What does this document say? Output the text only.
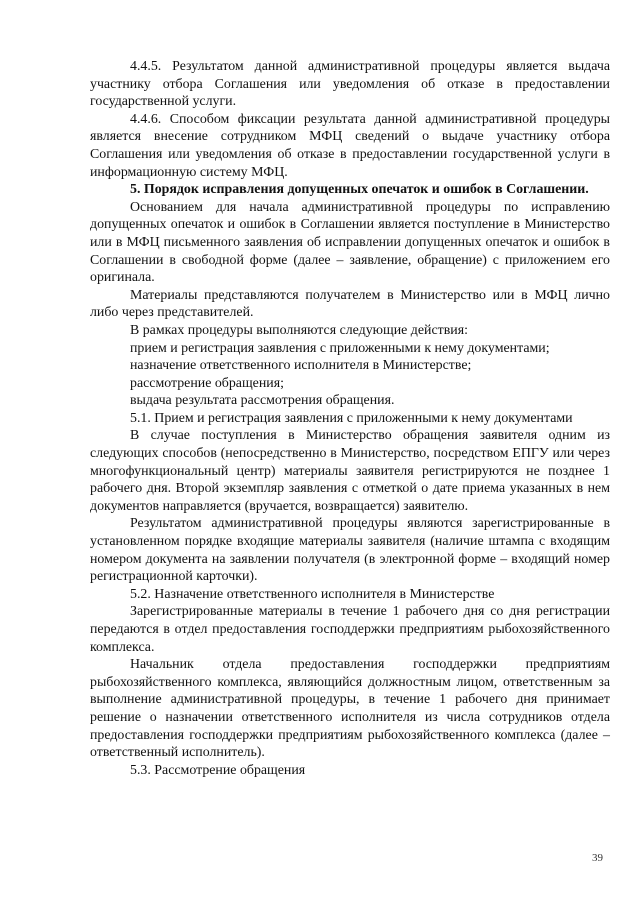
4.4.5. Результатом данной административной процедуры является выдача участнику отбора Соглашения или уведомления об отказе в предоставлении государственной услуги.

4.4.6. Способом фиксации результата данной административной процедуры является внесение сотрудником МФЦ сведений о выдаче участнику отбора Соглашения или уведомления об отказе в предоставлении государственной услуги в информационную систему МФЦ.

5. Порядок исправления допущенных опечаток и ошибок в Соглашении.

Основанием для начала административной процедуры по исправлению допущенных опечаток и ошибок в Соглашении является поступление в Министерство или в МФЦ письменного заявления об исправлении допущенных опечаток и ошибок в Соглашении в свободной форме (далее – заявление, обращение) с приложением его оригинала.

Материалы представляются получателем в Министерство или в МФЦ лично либо через представителей.

В рамках процедуры выполняются следующие действия:

прием и регистрация заявления с приложенными к нему документами;

назначение ответственного исполнителя в Министерстве;

рассмотрение обращения;

выдача результата рассмотрения обращения.

5.1. Прием и регистрация заявления с приложенными к нему документами

В случае поступления в Министерство обращения заявителя одним из следующих способов (непосредственно в Министерство, посредством ЕПГУ или через многофункциональный центр) материалы заявителя регистрируются не позднее 1 рабочего дня. Второй экземпляр заявления с отметкой о дате приема указанных в нем документов направляется (вручается, возвращается) заявителю.

Результатом административной процедуры являются зарегистрированные в установленном порядке входящие материалы заявителя (наличие штампа с входящим номером документа на заявлении получателя (в электронной форме – входящий номер регистрационной карточки).

5.2. Назначение ответственного исполнителя в Министерстве

Зарегистрированные материалы в течение 1 рабочего дня со дня регистрации передаются в отдел предоставления господдержки предприятиям рыбохозяйственного комплекса.

Начальник отдела предоставления господдержки предприятиям рыбохозяйственного комплекса, являющийся должностным лицом, ответственным за выполнение административной процедуры, в течение 1 рабочего дня принимает решение о назначении ответственного исполнителя из числа сотрудников отдела предоставления господдержки предприятиям рыбохозяйственного комплекса (далее – ответственный исполнитель).

5.3. Рассмотрение обращения

39
